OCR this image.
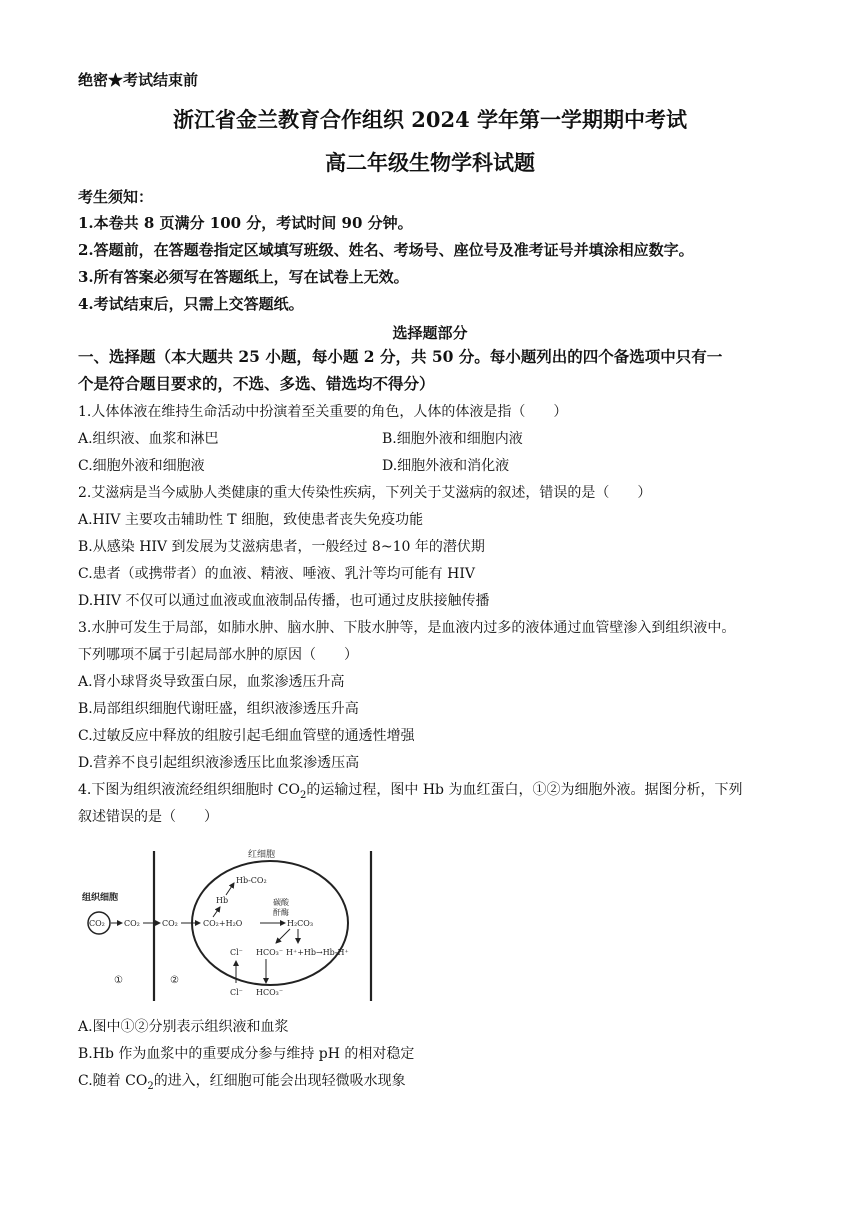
绝密★考试结束前
浙江省金兰教育合作组织 2024 学年第一学期期中考试
高二年级生物学科试题
考生须知：
1.本卷共 8 页满分 100 分，考试时间 90 分钟。
2.答题前，在答题卷指定区域填写班级、姓名、考场号、座位号及准考证号并填涂相应数字。
3.所有答案必须写在答题纸上，写在试卷上无效。
4.考试结束后，只需上交答题纸。
选择题部分
一、选择题（本大题共 25 小题，每小题 2 分，共 50 分。每小题列出的四个备选项中只有一
个是符合题目要求的，不选、多选、错选均不得分）
1.人体体液在维持生命活动中扮演着至关重要的角色，人体的体液是指（　　）
A.组织液、血浆和淋巴	B.细胞外液和细胞内液
C.细胞外液和细胞液	D.细胞外液和消化液
2.艾滋病是当今威胁人类健康的重大传染性疾病，下列关于艾滋病的叙述，错误的是（　　）
A.HIV 主要攻击辅助性 T 细胞，致使患者丧失免疫功能
B.从感染 HIV 到发展为艾滋病患者，一般经过 8~10 年的潜伏期
C.患者（或携带者）的血液、精液、唾液、乳汁等均可能有 HIV
D.HIV 不仅可以通过血液或血液制品传播，也可通过皮肤接触传播
3.水肿可发生于局部，如肺水肿、脑水肿、下肢水肿等，是血液内过多的液体通过血管壁渗入到组织液中。
下列哪项不属于引起局部水肿的原因（　　）
A.肾小球肾炎导致蛋白尿，血浆渗透压升高
B.局部组织细胞代谢旺盛，组织液渗透压升高
C.过敏反应中释放的组胺引起毛细血管壁的通透性增强
D.营养不良引起组织液渗透压比血浆渗透压高
4.下图为组织液流经组织细胞时 $CO_2$的运输过程，图中 Hb 为血红蛋白，①②为细胞外液。据图分析，下列
叙述错误的是（　　）
红细胞
组织细胞
CO₂ CO₂	CO₂	CO₂+H₂O
Hb
Hb-CO₂
碳酸
酐酶
H₂CO₃
Cl⁻ HCO₃⁻ H⁺+Hb→Hb-H⁺
Cl⁻ HCO₃⁻
①	②
A.图中①②分别表示组织液和血浆
B.Hb 作为血浆中的重要成分参与维持 pH 的相对稳定
C.随着 $CO_2$的进入，红细胞可能会出现轻微吸水现象
